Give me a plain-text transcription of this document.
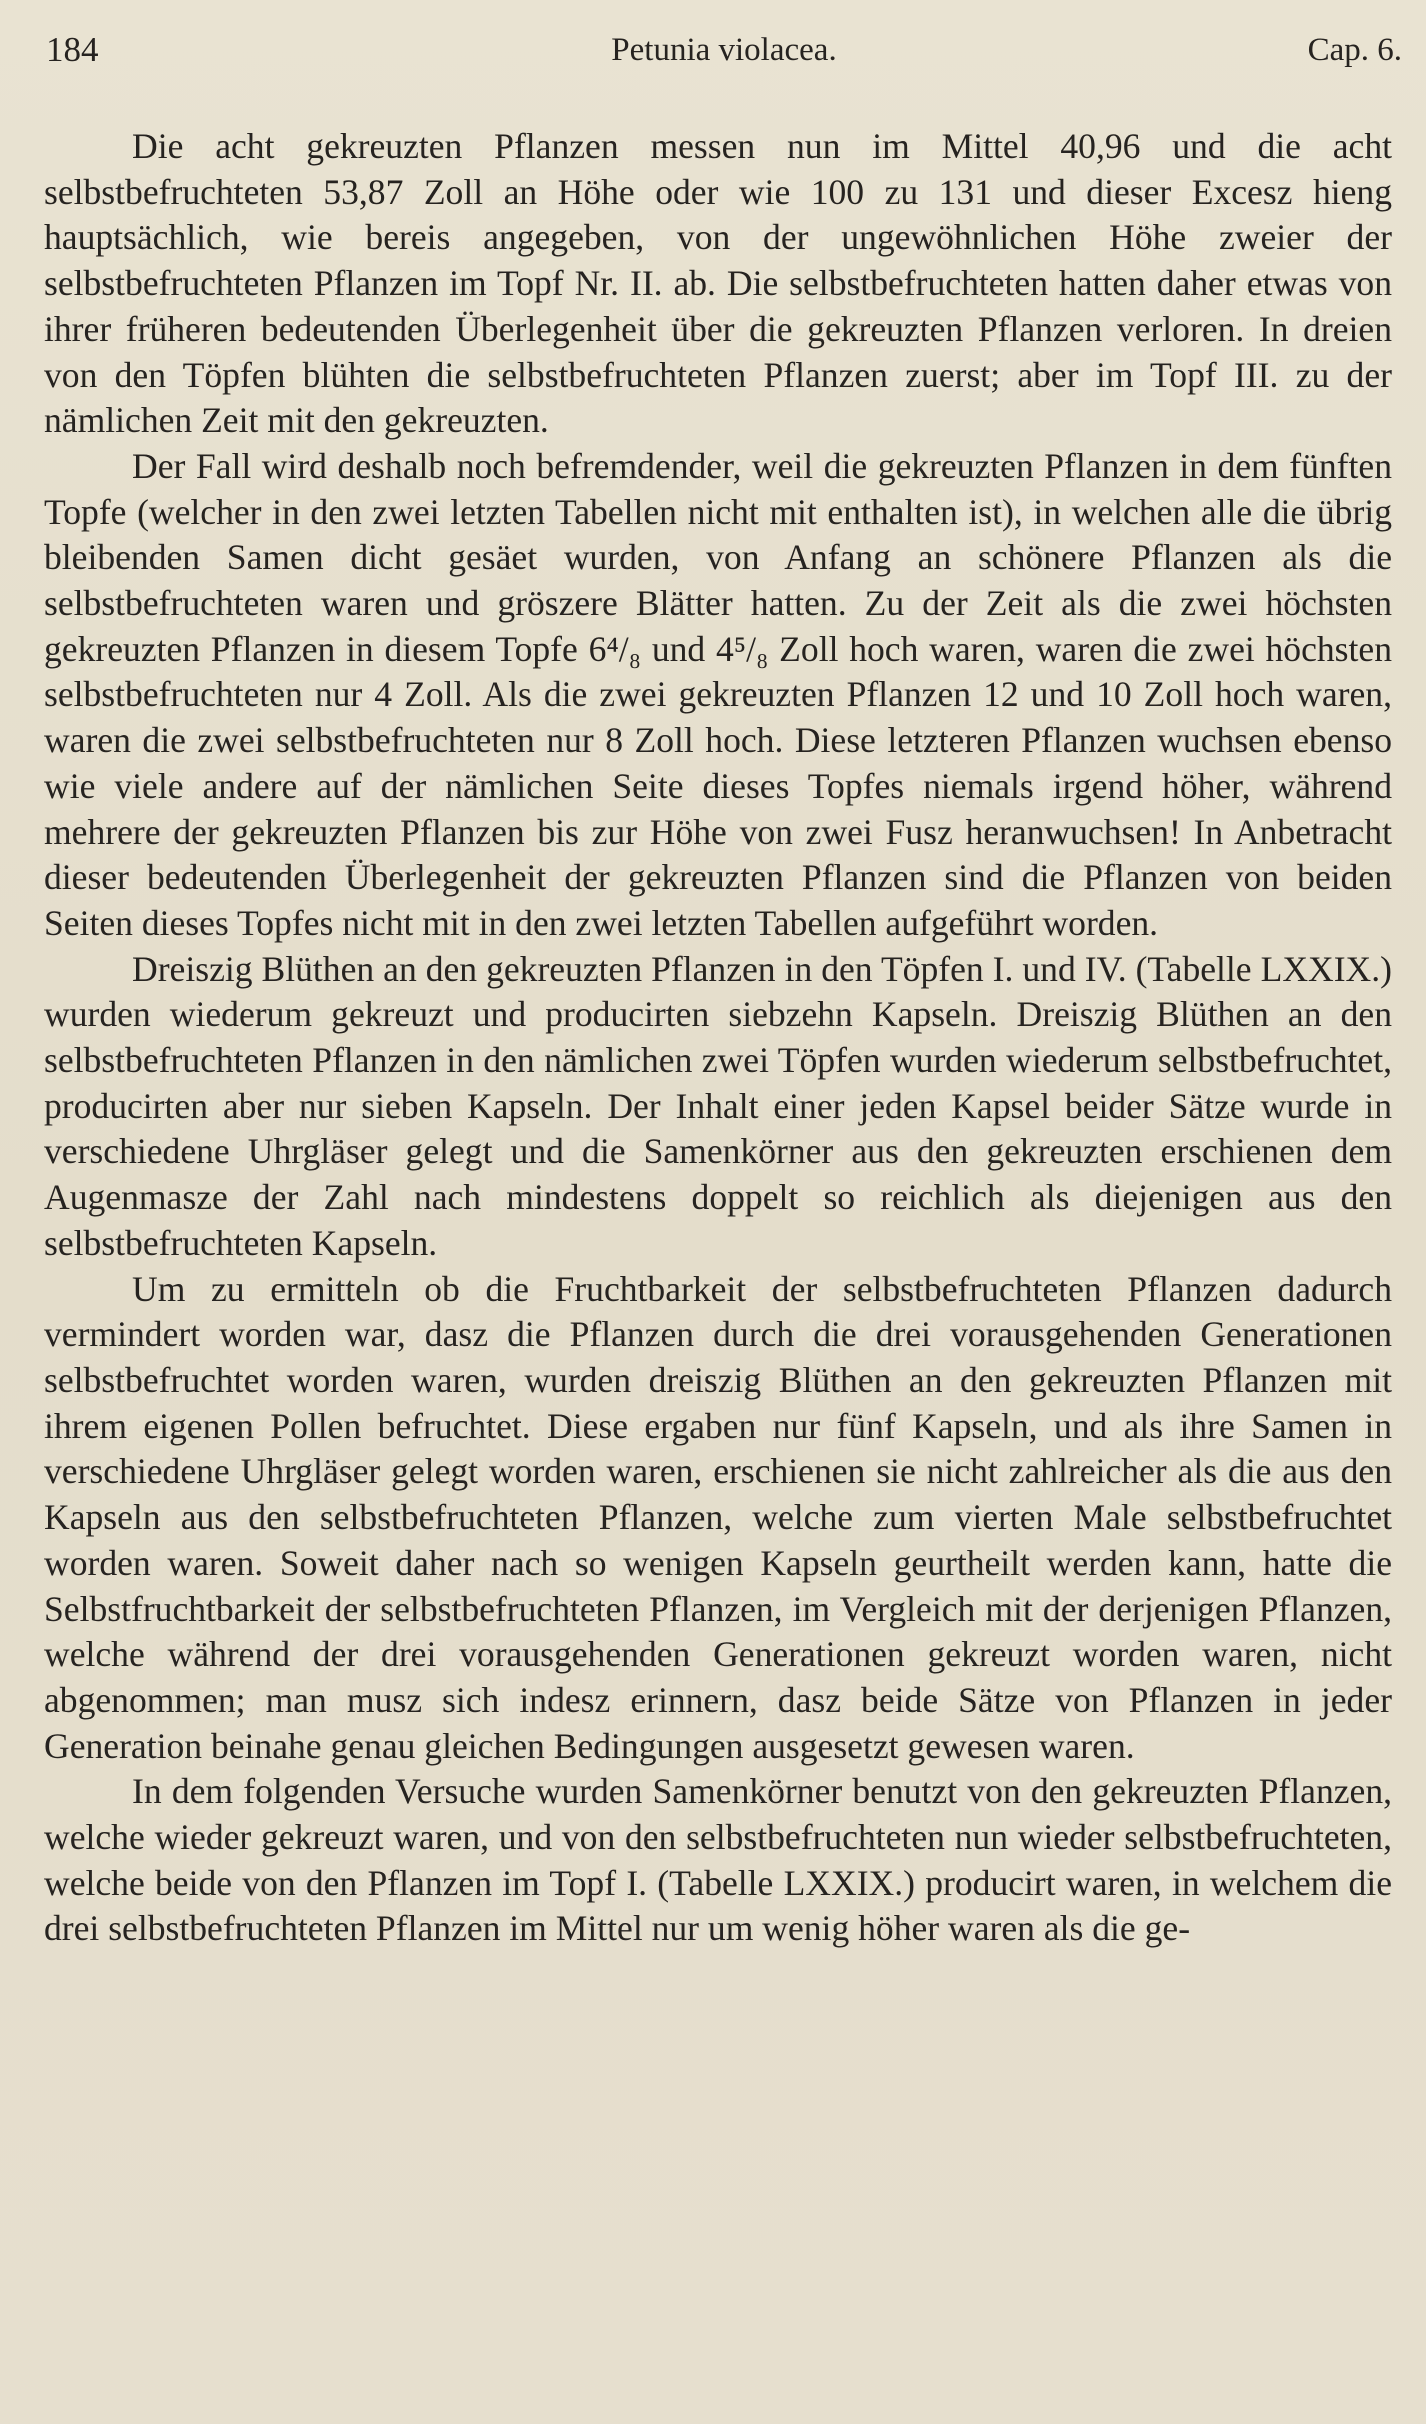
184	Petunia violacea.	Cap. 6.

Die acht gekreuzten Pflanzen messen nun im Mittel 40,96 und die acht selbstbefruchteten 53,87 Zoll an Höhe oder wie 100 zu 131 und dieser Excesz hieng hauptsächlich, wie bereis angegeben, von der ungewöhnlichen Höhe zweier der selbstbefruchteten Pflanzen im Topf Nr. II. ab. Die selbstbefruchteten hatten daher etwas von ihrer früheren bedeutenden Überlegenheit über die gekreuzten Pflanzen verloren. In dreien von den Töpfen blühten die selbstbefruchteten Pflanzen zuerst; aber im Topf III. zu der nämlichen Zeit mit den gekreuzten.

Der Fall wird deshalb noch befremdender, weil die gekreuzten Pflanzen in dem fünften Topfe (welcher in den zwei letzten Tabellen nicht mit enthalten ist), in welchen alle die übrig bleibenden Samen dicht gesäet wurden, von Anfang an schönere Pflanzen als die selbstbefruchteten waren und gröszere Blätter hatten. Zu der Zeit als die zwei höchsten gekreuzten Pflanzen in diesem Topfe 6⁴/₈ und 4⁵/₈ Zoll hoch waren, waren die zwei höchsten selbstbefruchteten nur 4 Zoll. Als die zwei gekreuzten Pflanzen 12 und 10 Zoll hoch waren, waren die zwei selbstbefruchteten nur 8 Zoll hoch. Diese letzteren Pflanzen wuchsen ebenso wie viele andere auf der nämlichen Seite dieses Topfes niemals irgend höher, während mehrere der gekreuzten Pflanzen bis zur Höhe von zwei Fusz heranwuchsen! In Anbetracht dieser bedeutenden Überlegenheit der gekreuzten Pflanzen sind die Pflanzen von beiden Seiten dieses Topfes nicht mit in den zwei letzten Tabellen aufgeführt worden.

Dreiszig Blüthen an den gekreuzten Pflanzen in den Töpfen I. und IV. (Tabelle LXXIX.) wurden wiederum gekreuzt und producirten siebzehn Kapseln. Dreiszig Blüthen an den selbstbefruchteten Pflanzen in den nämlichen zwei Töpfen wurden wiederum selbstbefruchtet, producirten aber nur sieben Kapseln. Der Inhalt einer jeden Kapsel beider Sätze wurde in verschiedene Uhrgläser gelegt und die Samenkörner aus den gekreuzten erschienen dem Augenmasze der Zahl nach mindestens doppelt so reichlich als diejenigen aus den selbstbefruchteten Kapseln.

Um zu ermitteln ob die Fruchtbarkeit der selbstbefruchteten Pflanzen dadurch vermindert worden war, dasz die Pflanzen durch die drei vorausgehenden Generationen selbstbefruchtet worden waren, wurden dreiszig Blüthen an den gekreuzten Pflanzen mit ihrem eigenen Pollen befruchtet. Diese ergaben nur fünf Kapseln, und als ihre Samen in verschiedene Uhrgläser gelegt worden waren, erschienen sie nicht zahlreicher als die aus den Kapseln aus den selbstbefruchteten Pflanzen, welche zum vierten Male selbstbefruchtet worden waren. Soweit daher nach so wenigen Kapseln geurtheilt werden kann, hatte die Selbstfruchtbarkeit der selbstbefruchteten Pflanzen, im Vergleich mit der derjenigen Pflanzen, welche während der drei vorausgehenden Generationen gekreuzt worden waren, nicht abgenommen; man musz sich indesz erinnern, dasz beide Sätze von Pflanzen in jeder Generation beinahe genau gleichen Bedingungen ausgesetzt gewesen waren.

In dem folgenden Versuche wurden Samenkörner benutzt von den gekreuzten Pflanzen, welche wieder gekreuzt waren, und von den selbstbefruchteten nun wieder selbstbefruchteten, welche beide von den Pflanzen im Topf I. (Tabelle LXXIX.) producirt waren, in welchem die drei selbstbefruchteten Pflanzen im Mittel nur um wenig höher waren als die ge-
